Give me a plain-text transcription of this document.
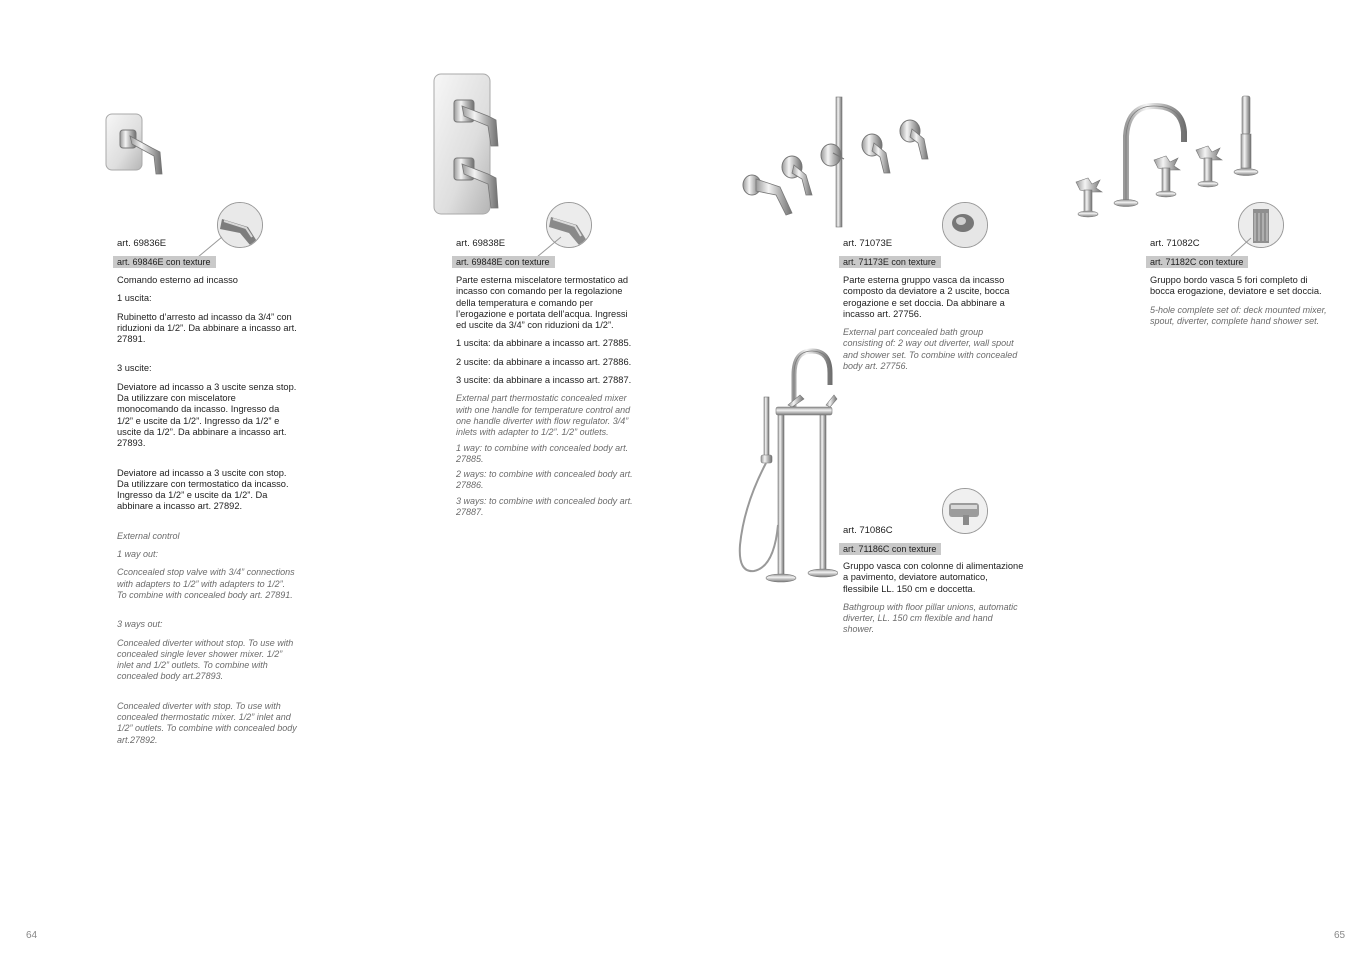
art. 69836E
art. 69846E con texture

Comando esterno ad incasso

1 uscita:

Rubinetto d’arresto ad incasso da 3/4” con riduzioni da 1/2”. Da abbinare a incasso art. 27891.

3 uscite:

Deviatore ad incasso a 3 uscite senza stop. Da utilizzare con miscelatore monocomando da incasso. Ingresso da 1/2” e uscite da 1/2”. Ingresso da 1/2” e uscite da 1/2”. Da abbinare a incasso art. 27893.

Deviatore ad incasso a 3 uscite con stop. Da utilizzare con termostatico da incasso. Ingresso da 1/2” e uscite da 1/2”. Da abbinare a incasso art. 27892.

External control

1 way out:

Cconcealed stop valve with 3/4” connections with adapters to 1/2” with adapters to 1/2”. To combine with concealed body art. 27891.

3 ways out:

Concealed diverter without stop. To use with concealed single lever shower mixer. 1/2” inlet and 1/2” outlets. To combine with concealed body art.27893.

Concealed diverter with stop. To use with concealed thermostatic mixer. 1/2” inlet and 1/2” outlets. To combine with concealed body art.27892.

art. 69838E
art. 69848E con texture

Parte esterna miscelatore termostatico ad incasso con comando per la regolazione della temperatura e comando per l’erogazione e portata dell’acqua. Ingressi ed uscite da 3/4” con riduzioni da 1/2”.

1 uscita: da abbinare a incasso art. 27885.

2 uscite: da abbinare a incasso art. 27886.

3 uscite: da abbinare a incasso art. 27887.

External part thermostatic concealed mixer with one handle for temperature control and one handle diverter with flow regulator. 3/4” inlets with adapter to 1/2”. 1/2” outlets.

1 way: to combine with concealed body art. 27885.

2 ways: to combine with concealed body art. 27886.

3 ways: to combine with concealed body art. 27887.

art. 71073E
art. 71173E con texture

Parte esterna gruppo vasca da incasso composto da deviatore a 2 uscite, bocca erogazione e set doccia. Da abbinare a incasso art. 27756.

External part concealed bath group consisting of: 2 way out diverter, wall spout and shower set. To combine with concealed body art. 27756.

art. 71086C
art. 71186C con texture

Gruppo vasca con colonne di alimentazione a pavimento, deviatore automatico, flessibile LL. 150 cm e doccetta.

Bathgroup with floor pillar unions, automatic diverter, LL. 150 cm flexible and hand shower.

art. 71082C
art. 71182C con texture

Gruppo bordo vasca 5 fori completo di bocca erogazione, deviatore e set doccia.

5-hole complete set of: deck mounted mixer, spout, diverter, complete hand shower set.

64	65
